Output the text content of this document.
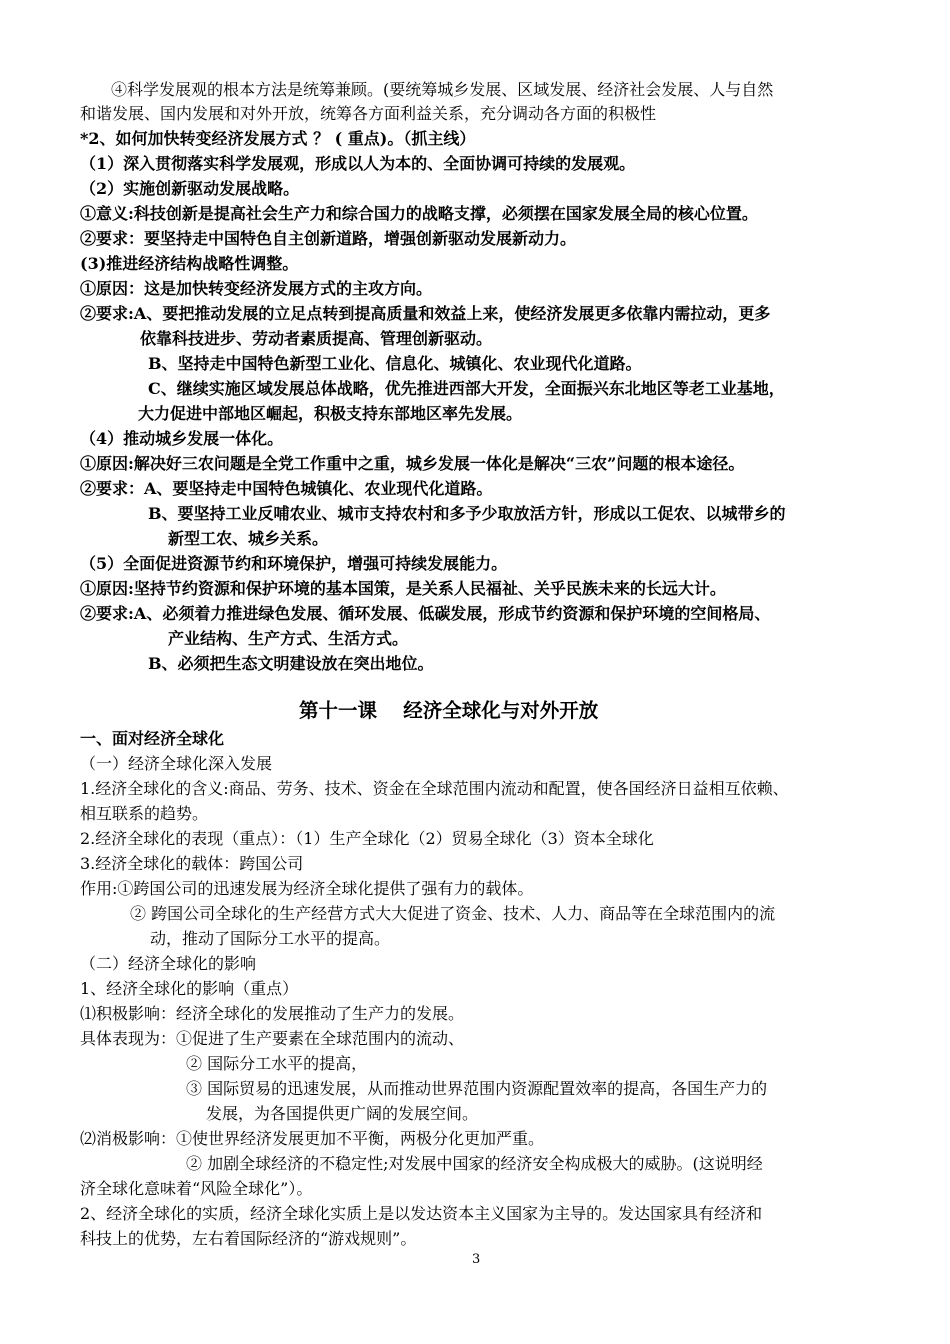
④科学发展观的根本方法是统筹兼顾。(要统筹城乡发展、区域发展、经济社会发展、人与自然
和谐发展、国内发展和对外开放，统筹各方面利益关系，充分调动各方面的积极性
*2、如何加快转变经济发展方式 ？ ( 重点)。（抓主线）
（1）深入贯彻落实科学发展观，形成以人为本的、全面协调可持续的发展观。
（2）实施创新驱动发展战略。
①意义:科技创新是提高社会生产力和综合国力的战略支撑，必须摆在国家发展全局的核心位置。
②要求：要坚持走中国特色自主创新道路，增强创新驱动发展新动力。
(3)推进经济结构战略性调整。
①原因：这是加快转变经济发展方式的主攻方向。
②要求:A、要把推动发展的立足点转到提高质量和效益上来，使经济发展更多依靠内需拉动，更多
依靠科技进步、劳动者素质提高、管理创新驱动。
B、坚持走中国特色新型工业化、信息化、城镇化、农业现代化道路。
C、继续实施区域发展总体战略，优先推进西部大开发，全面振兴东北地区等老工业基地，
大力促进中部地区崛起，积极支持东部地区率先发展。
（4）推动城乡发展一体化。
①原因:解决好三农问题是全党工作重中之重，城乡发展一体化是解决“三农”问题的根本途径。
②要求：A、要坚持走中国特色城镇化、农业现代化道路。
B、要坚持工业反哺农业、城市支持农村和多予少取放活方针，形成以工促农、以城带乡的
新型工农、城乡关系。
（5）全面促进资源节约和环境保护，增强可持续发展能力。
①原因:坚持节约资源和保护环境的基本国策，是关系人民福祉、关乎民族未来的长远大计。
②要求:A、必须着力推进绿色发展、循环发展、低碳发展，形成节约资源和保护环境的空间格局、
产业结构、生产方式、生活方式。
B、必须把生态文明建设放在突出地位。
第十一课　 经济全球化与对外开放
一、面对经济全球化
（一）经济全球化深入发展
1.经济全球化的含义:商品、劳务、技术、资金在全球范围内流动和配置，使各国经济日益相互依赖、
相互联系的趋势。
2.经济全球化的表现（重点）：（1）生产全球化（2）贸易全球化（3）资本全球化
3.经济全球化的载体：跨国公司
作用:①跨国公司的迅速发展为经济全球化提供了强有力的载体。
② 跨国公司全球化的生产经营方式大大促进了资金、技术、人力、商品等在全球范围内的流
动，推动了国际分工水平的提高。
（二）经济全球化的影响
1、经济全球化的影响（重点）
⑴积极影响：经济全球化的发展推动了生产力的发展。
具体表现为：①促进了生产要素在全球范围内的流动、
② 国际分工水平的提高，
③ 国际贸易的迅速发展，从而推动世界范围内资源配置效率的提高，各国生产力的
发展，为各国提供更广阔的发展空间。
⑵消极影响：①使世界经济发展更加不平衡，两极分化更加严重。
② 加剧全球经济的不稳定性;对发展中国家的经济安全构成极大的威胁。(这说明经
济全球化意味着“风险全球化”）。
2、经济全球化的实质，经济全球化实质上是以发达资本主义国家为主导的。发达国家具有经济和
科技上的优势，左右着国际经济的“游戏规则”。
3
